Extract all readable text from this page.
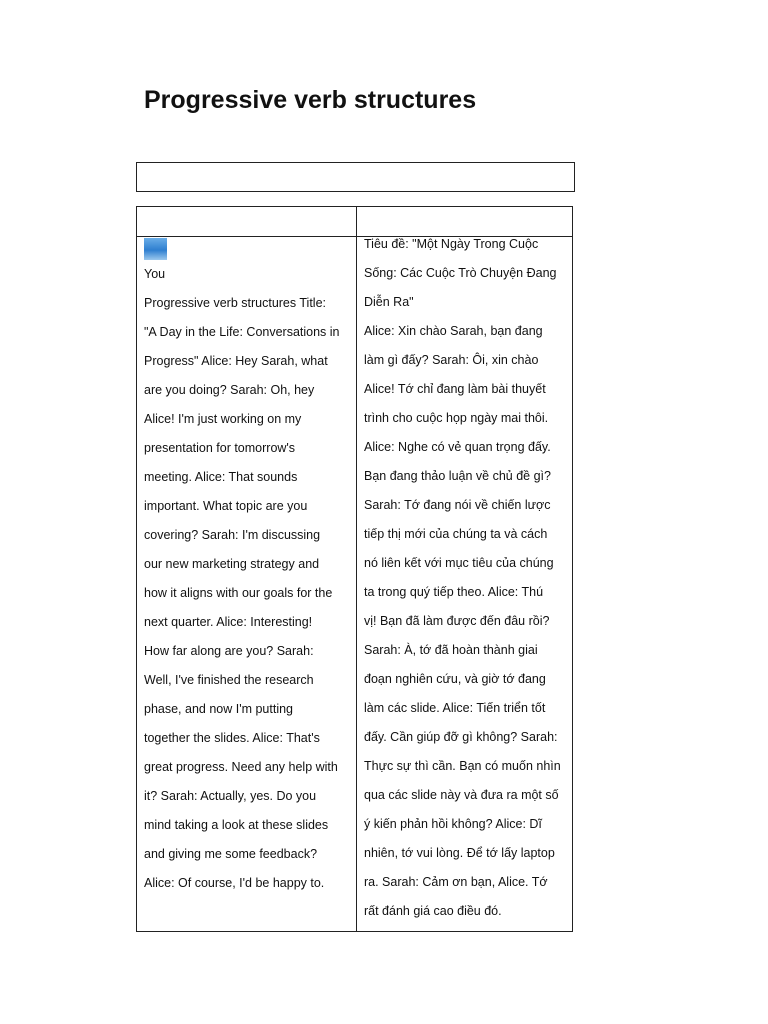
Progressive verb structures
You
Progressive verb structures Title:
"A Day in the Life: Conversations in
Progress" Alice: Hey Sarah, what
are you doing? Sarah: Oh, hey
Alice! I'm just working on my
presentation for tomorrow's
meeting. Alice: That sounds
important. What topic are you
covering? Sarah: I'm discussing
our new marketing strategy and
how it aligns with our goals for the
next quarter. Alice: Interesting!
How far along are you? Sarah:
Well, I've finished the research
phase, and now I'm putting
together the slides. Alice: That's
great progress. Need any help with
it? Sarah: Actually, yes. Do you
mind taking a look at these slides
and giving me some feedback?
Alice: Of course, I'd be happy to.
Tiêu đề: "Một Ngày Trong Cuộc
Sống: Các Cuộc Trò Chuyện Đang
Diễn Ra"
Alice: Xin chào Sarah, bạn đang
làm gì đấy? Sarah: Ôi, xin chào
Alice! Tớ chỉ đang làm bài thuyết
trình cho cuộc họp ngày mai thôi.
Alice: Nghe có vẻ quan trọng đấy.
Bạn đang thảo luận về chủ đề gì?
Sarah: Tớ đang nói về chiến lược
tiếp thị mới của chúng ta và cách
nó liên kết với mục tiêu của chúng
ta trong quý tiếp theo. Alice: Thú
vị! Bạn đã làm được đến đâu rồi?
Sarah: À, tớ đã hoàn thành giai
đoạn nghiên cứu, và giờ tớ đang
làm các slide. Alice: Tiến triển tốt
đấy. Cần giúp đỡ gì không? Sarah:
Thực sự thì cần. Bạn có muốn nhìn
qua các slide này và đưa ra một số
ý kiến phản hồi không? Alice: Dĩ
nhiên, tớ vui lòng. Để tớ lấy laptop
ra. Sarah: Cảm ơn bạn, Alice. Tớ
rất đánh giá cao điều đó.
